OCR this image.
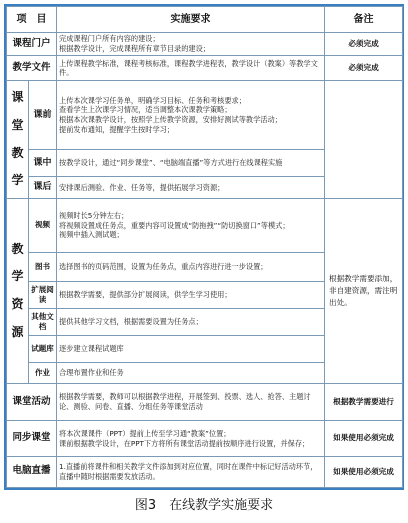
项　目		实施要求	备注
课程门户		完成课程门户所有内容的建设；
根据教学设计，完成课程所有章节目录的建设；	必须完成
教学文件		上传课程教学标准，课程考核标准，课程教学进程表，教学设计（教案）等教学文件。	必须完成
课
堂
教
学	课前	上传本次课学习任务单，明确学习目标、任务和考核要求；
查看学生上次课学习情况，适当调整本次课教学策略；
根据本次课教学设计，按照学上传教学资源，安排好测试等教学活动；
提前发布通知，提醒学生按时学习；	
	课中	按教学设计，通过“同步课堂”、“电脑端直播”等方式进行在线课程实施	
	课后	安排课后测验、作业、任务等，提供拓展学习资源；	
教
学
资
源	视频	视频时长5分钟左右；
将视频设置成任务点，重要内容可设置成“防拖拽”“防切换窗口”等模式；
视频中插入测试题；	根据教学需要添加，非自建资源，需注明出处。
	图书	选择图书的页码范围，设置为任务点，重点内容进行进一步设置；	
	扩展阅读	根据教学需要，提供部分扩展阅读，供学生学习使用；	
	其他文档	提供其他学习文档，根据需要设置为任务点；	
	试题库	逐步建立课程试题库	
	作业	合理布置作业和任务	
课堂活动		根据教学需要，教师可以根据教学进程，开展签到、投票、选人、抢答、主题讨论、测验、问卷、直播、分组任务等课堂活动	根据教学需要进行
同步课堂		将本次课课件（PPT）提前上传至学习通“教案”位置；
课前根据教学设计，在PPT下方将所有课堂活动提前按顺序进行设置，并保存；	如果使用必须完成
电脑直播		1.直播前将课件和相关教学文件添加到对应位置，同时在课件中标记好活动环节，直播中随时根据需要发放活动。	如果使用必须完成
图3　在线教学实施要求
